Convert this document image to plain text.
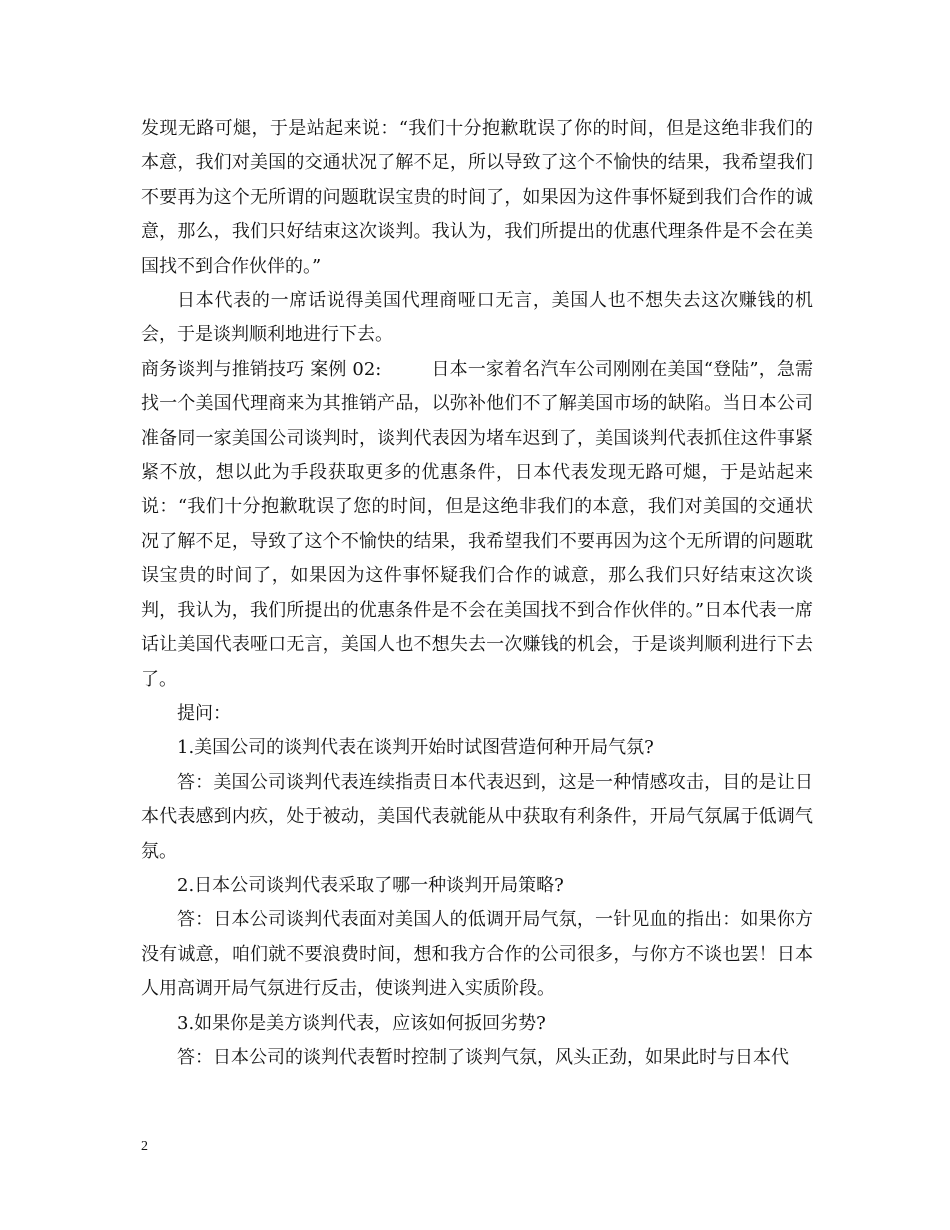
发现无路可煺，于是站起来说：“我们十分抱歉耽误了你的时间，但是这绝非我们的本意，我们对美国的交通状况了解不足，所以导致了这个不愉快的结果，我希望我们不要再为这个无所谓的问题耽误宝贵的时间了，如果因为这件事怀疑到我们合作的诚意，那么，我们只好结束这次谈判。我认为，我们所提出的优惠代理条件是不会在美国找不到合作伙伴的。”

日本代表的一席话说得美国代理商哑口无言，美国人也不想失去这次赚钱的机会，于是谈判顺利地进行下去。

商务谈判与推销技巧 案例 02:	日本一家着名汽车公司刚刚在美国“登陆”，急需找一个美国代理商来为其推销产品，以弥补他们不了解美国市场的缺陷。当日本公司准备同一家美国公司谈判时，谈判代表因为堵车迟到了，美国谈判代表抓住这件事紧紧不放，想以此为手段获取更多的优惠条件，日本代表发现无路可煺，于是站起来说：“我们十分抱歉耽误了您的时间，但是这绝非我们的本意，我们对美国的交通状况了解不足，导致了这个不愉快的结果，我希望我们不要再因为这个无所谓的问题耽误宝贵的时间了，如果因为这件事怀疑我们合作的诚意，那么我们只好结束这次谈判，我认为，我们所提出的优惠条件是不会在美国找不到合作伙伴的。”日本代表一席话让美国代表哑口无言，美国人也不想失去一次赚钱的机会，于是谈判顺利进行下去了。

提问：

1.美国公司的谈判代表在谈判开始时试图营造何种开局气氛?

答：美国公司谈判代表连续指责日本代表迟到，这是一种情感攻击，目的是让日本代表感到内疚，处于被动，美国代表就能从中获取有利条件，开局气氛属于低调气氛。

2.日本公司谈判代表采取了哪一种谈判开局策略?

答：日本公司谈判代表面对美国人的低调开局气氛，一针见血的指出：如果你方没有诚意，咱们就不要浪费时间，想和我方合作的公司很多，与你方不谈也罢！日本人用高调开局气氛进行反击，使谈判进入实质阶段。

3.如果你是美方谈判代表，应该如何扳回劣势?

答：日本公司的谈判代表暂时控制了谈判气氛，风头正劲，如果此时与日本代

2
